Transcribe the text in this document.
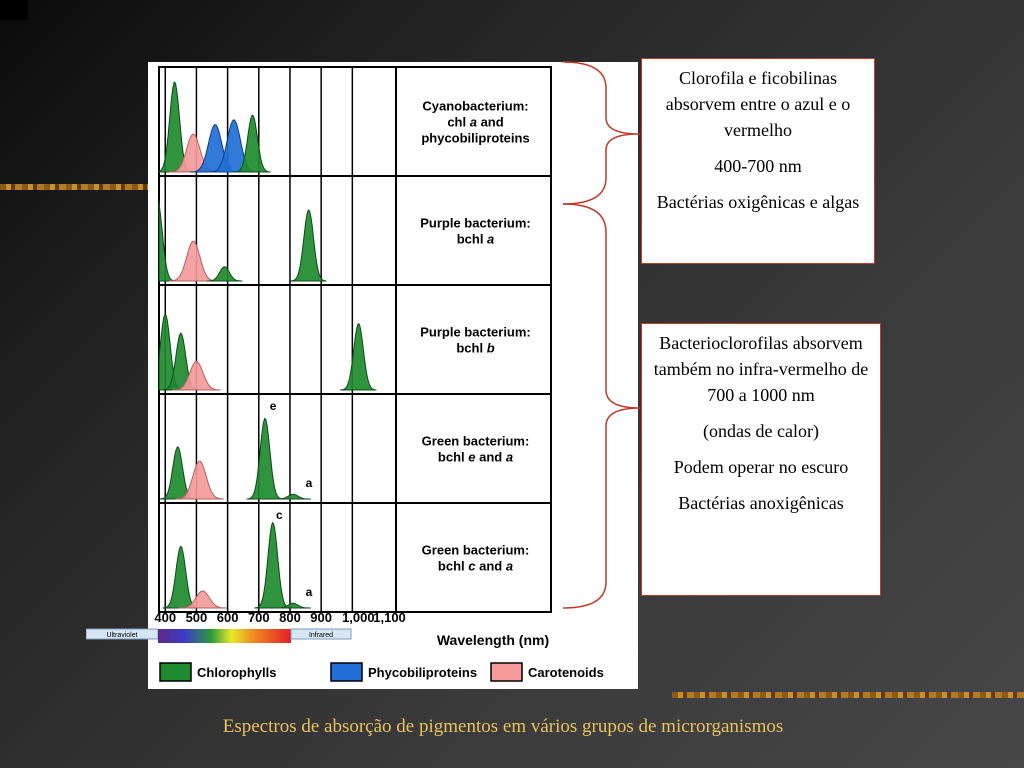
Cyanobacterium:
chl a and
phycobiliproteins
Purple bacterium:
bchl a
Purple bacterium:
bchl b
e
a
Green bacterium:
bchl e and a
c
a
Green bacterium:
bchl c and a
400 500 600 700 800 900 1,000
1,100
Wavelength (nm)
Infrared
Chlorophylls	Phycobiliproteins	Carotenoids

Clorofila e ficobilinas absorvem entre o azul e o vermelho

400-700 nm

Bactérias oxigênicas e algas

Bacterioclorofilas absorvem também no infra-vermelho de 700 a 1000 nm

(ondas de calor)

Podem operar no escuro

Bactérias anoxigênicas

Espectros de absorção de pigmentos em vários grupos de microrganismos
Ultraviolet
